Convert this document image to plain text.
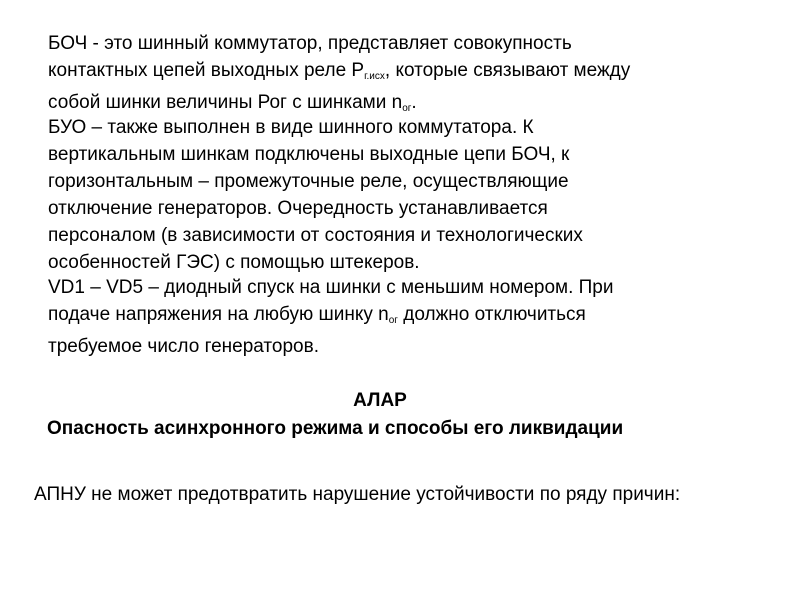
БОЧ - это шинный коммутатор, представляет совокупность
контактных цепей выходных реле $Р_{г.исх}$, которые связывают между
собой шинки величины Рог с шинками $n_{ог}$.

БУО – также выполнен в виде шинного коммутатора. К
вертикальным шинкам подключены выходные цепи БОЧ, к
горизонтальным – промежуточные реле, осуществляющие
отключение генераторов. Очередность устанавливается
персоналом (в зависимости от состояния и технологических
особенностей ГЭС) с помощью штекеров.

VD1 – VD5 – диодный спуск на шинки с меньшим номером. При
подаче напряжения на любую шинку $n_{ог}$ должно отключиться
требуемое число генераторов.

АЛАР

Опасность асинхронного режима и способы его ликвидации

АПНУ не может предотвратить нарушение устойчивости по ряду причин:
